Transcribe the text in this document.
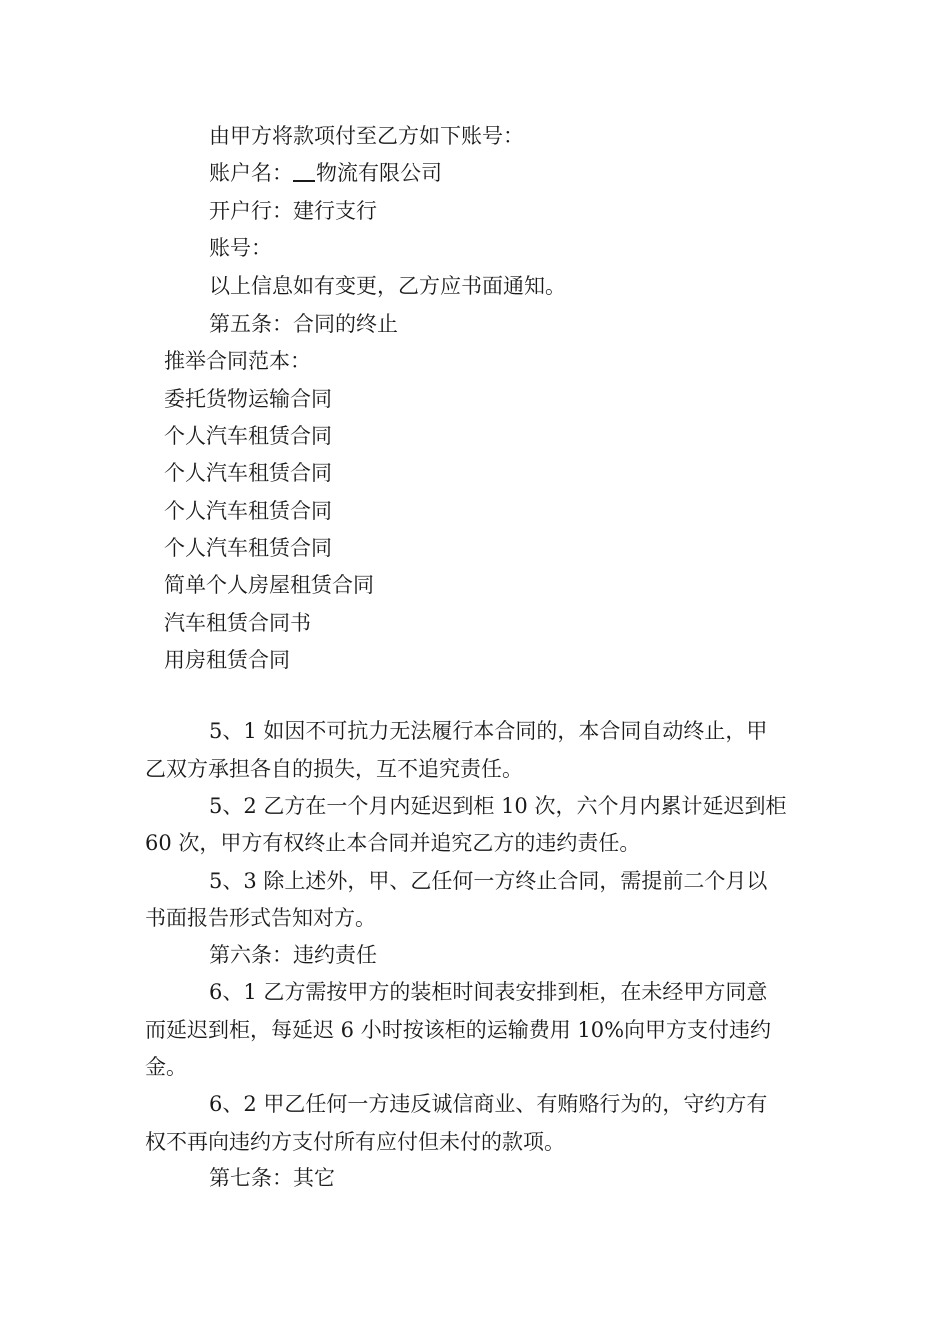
由甲方将款项付至乙方如下账号：
账户名： 物流有限公司
开户行：建行支行
账号：
以上信息如有变更，乙方应书面通知。
第五条：合同的终止
推举合同范本：
委托货物运输合同
个人汽车租赁合同
个人汽车租赁合同
个人汽车租赁合同
个人汽车租赁合同
简单个人房屋租赁合同
汽车租赁合同书
用房租赁合同
5、1 如因不可抗力无法履行本合同的，本合同自动终止，甲
乙双方承担各自的损失，互不追究责任。
5、2 乙方在一个月内延迟到柜 10 次，六个月内累计延迟到柜
60 次，甲方有权终止本合同并追究乙方的违约责任。
5、3 除上述外，甲、乙任何一方终止合同，需提前二个月以
书面报告形式告知对方。
第六条：违约责任
6、1 乙方需按甲方的装柜时间表安排到柜，在未经甲方同意
而延迟到柜，每延迟 6 小时按该柜的运输费用 10%向甲方支付违约
金。
6、2 甲乙任何一方违反诚信商业、有贿赂行为的，守约方有
权不再向违约方支付所有应付但未付的款项。
第七条：其它
